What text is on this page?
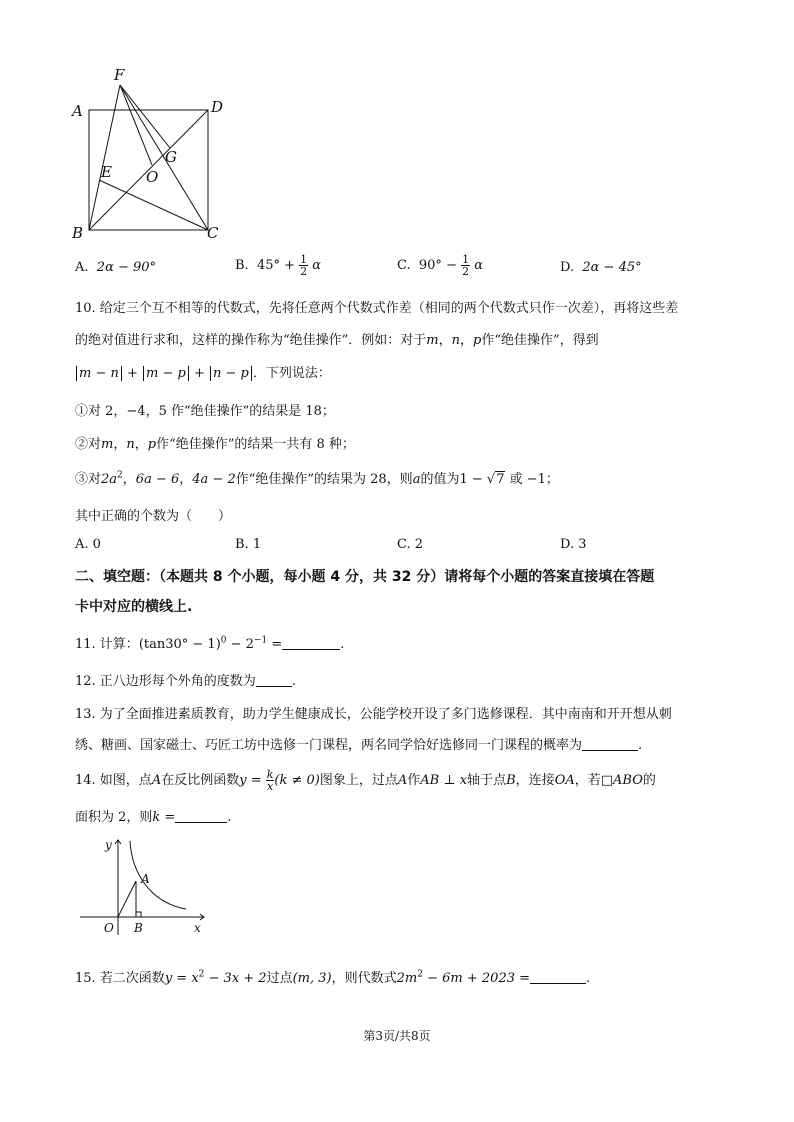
F
A	D
E O
G
B	C
A. 2α − 90°	B. $45^\circ + \frac{1}{2}$ α	C. $90^\circ - \frac{1}{2}$ α	D. 2α − 45°
10. 给定三个互不相等的代数式，先将任意两个代数式作差（相同的两个代数式只作一次差），再将这些差
的绝对值进行求和，这样的操作称为“绝佳操作”．例如：对于m，n，p作“绝佳操作”，得到
m − n + m − p + n − p ．下列说法：
①对 2，−4，5 作“绝佳操作”的结果是 18；
②对m，n，p作“绝佳操作”的结果一共有 8 种；
③对$2a^2$，6a − 6，4a − 2作“绝佳操作”的结果为 28，则a的值为1 − √7 或 −1；
其中正确的个数为（　　）
A. 0	B. 1	C. 2	D. 3
二、填空题：（本题共 8 个小题，每小题 4 分，共 32 分）请将每个小题的答案直接填在答题
卡中对应的横线上.
11. 计算：$(\tan 30^\circ - 1)^0 - 2^{-1}$ =	.
12. 正八边形每个外角的度数为	.
13. 为了全面推进素质教育，助力学生健康成长，公能学校开设了多门选修课程．其中南南和开开想从刺
绣、糖画、国家磁士、巧匠工坊中选修一门课程，两名同学恰好选修同一门课程的概率为	.
14. 如图，点A在反比例函数$y = \frac{k}{x} (k \ne 0)$图象上，过点A作AB ⊥ x轴于点B，连接OA，若□ABO的
面积为 2，则k =	.
y
A
O B	x
15. 若二次函数$y = x^2 - 3x + 2$过点(m, 3)，则代数式$2m^2 - 6m + 2023$ =	.
第3页/共8页
